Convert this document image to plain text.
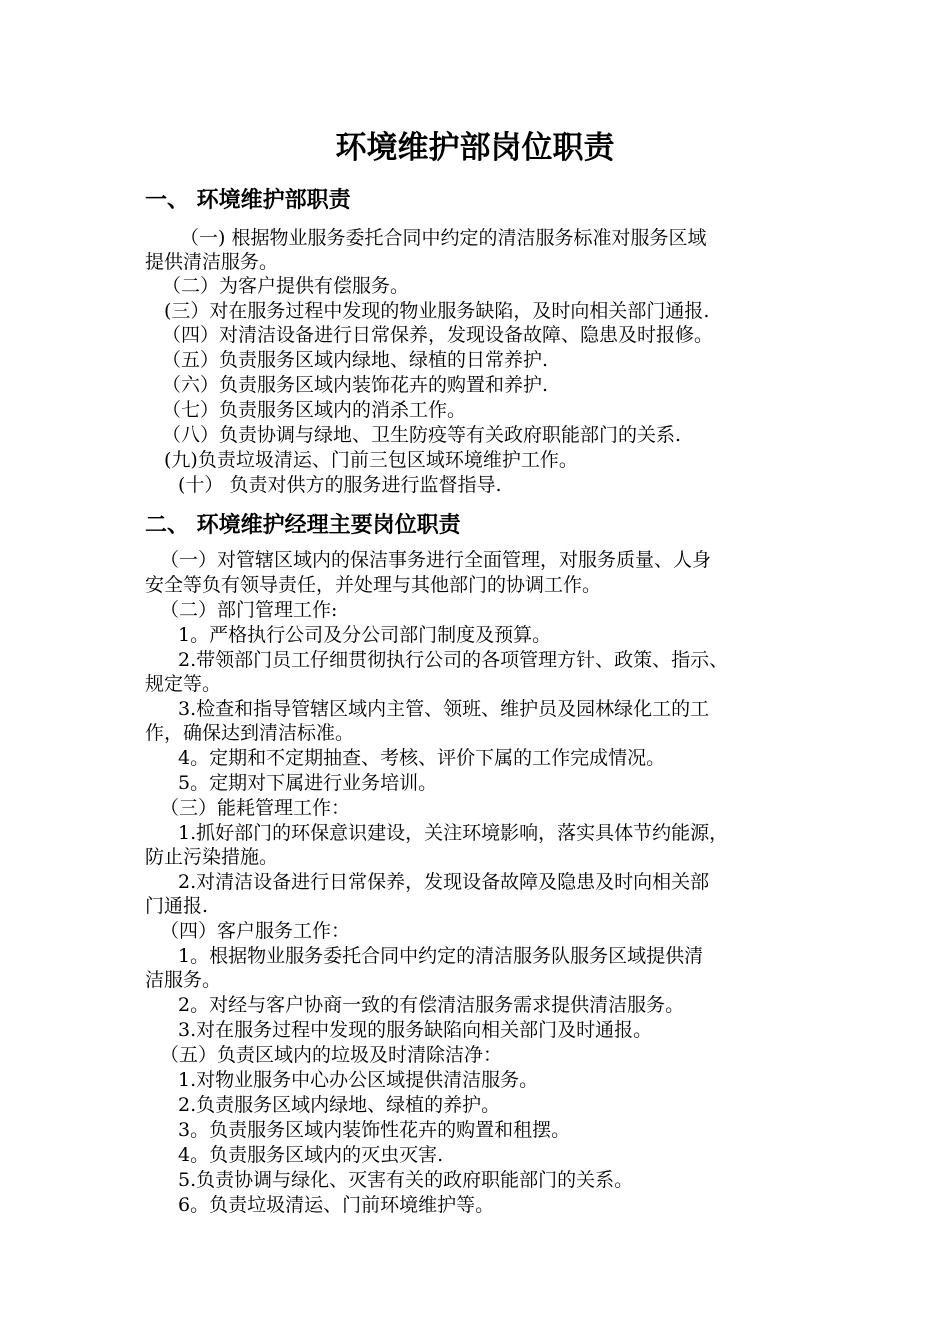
环境维护部岗位职责
一、 环境维护部职责
（一) 根据物业服务委托合同中约定的清洁服务标准对服务区域
提供清洁服务。
（二）为客户提供有偿服务。
(三）对在服务过程中发现的物业服务缺陷，及时向相关部门通报.
（四）对清洁设备进行日常保养，发现设备故障、隐患及时报修。
（五）负责服务区域内绿地、绿植的日常养护.
（六）负责服务区域内装饰花卉的购置和养护.
（七）负责服务区域内的消杀工作。
（八）负责协调与绿地、卫生防疫等有关政府职能部门的关系.
(九)负责垃圾清运、门前三包区域环境维护工作。
(十） 负责对供方的服务进行监督指导.
二、 环境维护经理主要岗位职责
（一）对管辖区域内的保洁事务进行全面管理，对服务质量、人身
安全等负有领导责任，并处理与其他部门的协调工作。
（二）部门管理工作:
1。严格执行公司及分公司部门制度及预算。
2.带领部门员工仔细贯彻执行公司的各项管理方针、政策、指示、
规定等。
3.检查和指导管辖区域内主管、领班、维护员及园林绿化工的工
作，确保达到清洁标准。
4。定期和不定期抽查、考核、评价下属的工作完成情况。
5。定期对下属进行业务培训。
（三）能耗管理工作：
1.抓好部门的环保意识建设，关注环境影响，落实具体节约能源，
防止污染措施。
2.对清洁设备进行日常保养，发现设备故障及隐患及时向相关部
门通报.
（四）客户服务工作：
1。根据物业服务委托合同中约定的清洁服务队服务区域提供清
洁服务。
2。对经与客户协商一致的有偿清洁服务需求提供清洁服务。
3.对在服务过程中发现的服务缺陷向相关部门及时通报。
（五）负责区域内的垃圾及时清除洁净：
1.对物业服务中心办公区域提供清洁服务。
2.负责服务区域内绿地、绿植的养护。
3。负责服务区域内装饰性花卉的购置和租摆。
4。负责服务区域内的灭虫灭害.
5.负责协调与绿化、灭害有关的政府职能部门的关系。
6。负责垃圾清运、门前环境维护等。
